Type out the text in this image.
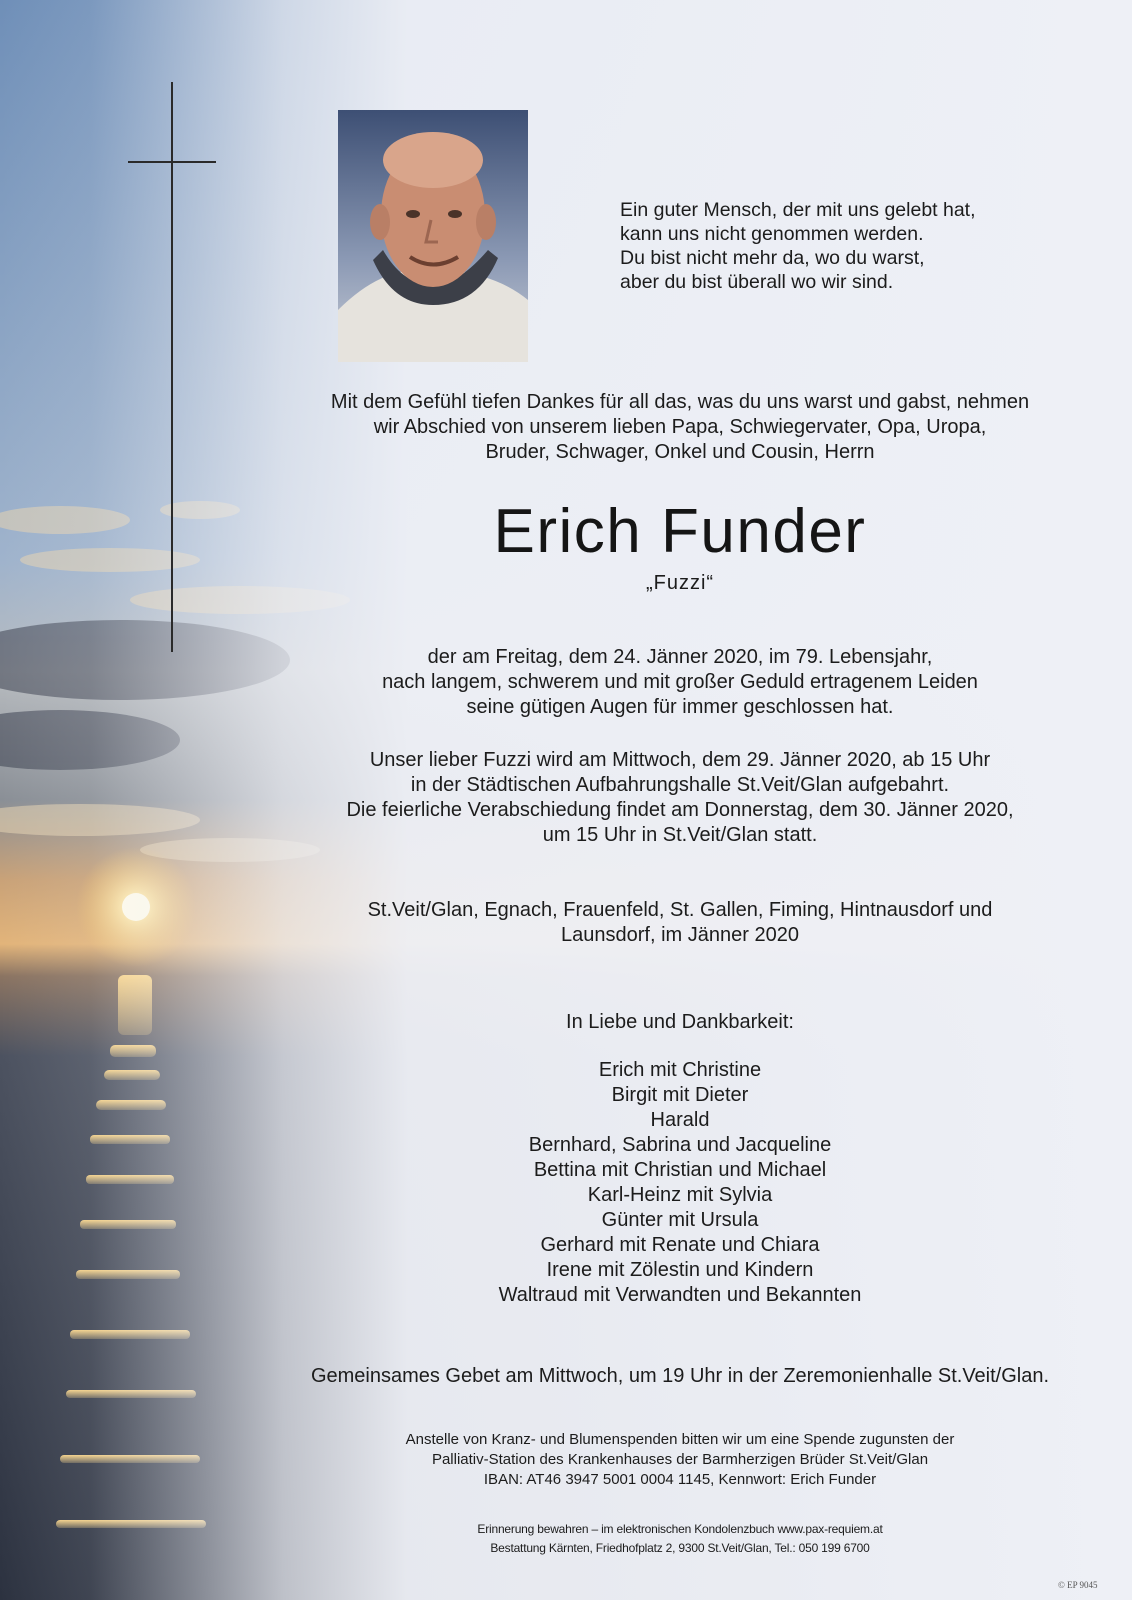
Ein guter Mensch, der mit uns gelebt hat,
kann uns nicht genommen werden.
Du bist nicht mehr da, wo du warst,
aber du bist überall wo wir sind.
Mit dem Gefühl tiefen Dankes für all das, was du uns warst und gabst, nehmen
wir Abschied von unserem lieben Papa, Schwiegervater, Opa, Uropa,
Bruder, Schwager, Onkel und Cousin, Herrn
Erich Funder
„Fuzzi“
der am Freitag, dem 24. Jänner 2020, im 79. Lebensjahr,
nach langem, schwerem und mit großer Geduld ertragenem Leiden
seine gütigen Augen für immer geschlossen hat.
Unser lieber Fuzzi wird am Mittwoch, dem 29. Jänner 2020, ab 15 Uhr
in der Städtischen Aufbahrungshalle St.Veit/Glan aufgebahrt.
Die feierliche Verabschiedung findet am Donnerstag, dem 30. Jänner 2020,
um 15 Uhr in St.Veit/Glan statt.
St.Veit/Glan, Egnach, Frauenfeld, St. Gallen, Fiming, Hintnausdorf und
Launsdorf, im Jänner 2020
In Liebe und Dankbarkeit:
Erich mit Christine
Birgit mit Dieter
Harald
Bernhard, Sabrina und Jacqueline
Bettina mit Christian und Michael
Karl-Heinz mit Sylvia
Günter mit Ursula
Gerhard mit Renate und Chiara
Irene mit Zölestin und Kindern
Waltraud mit Verwandten und Bekannten
Gemeinsames Gebet am Mittwoch, um 19 Uhr in der Zeremonienhalle St.Veit/Glan.
Anstelle von Kranz- und Blumenspenden bitten wir um eine Spende zugunsten der
Palliativ-Station des Krankenhauses der Barmherzigen Brüder St.Veit/Glan
IBAN: AT46 3947 5001 0004 1145, Kennwort: Erich Funder
Erinnerung bewahren – im elektronischen Kondolenzbuch www.pax-requiem.at
Bestattung Kärnten, Friedhofplatz 2, 9300 St.Veit/Glan, Tel.: 050 199 6700
© EP 9045
